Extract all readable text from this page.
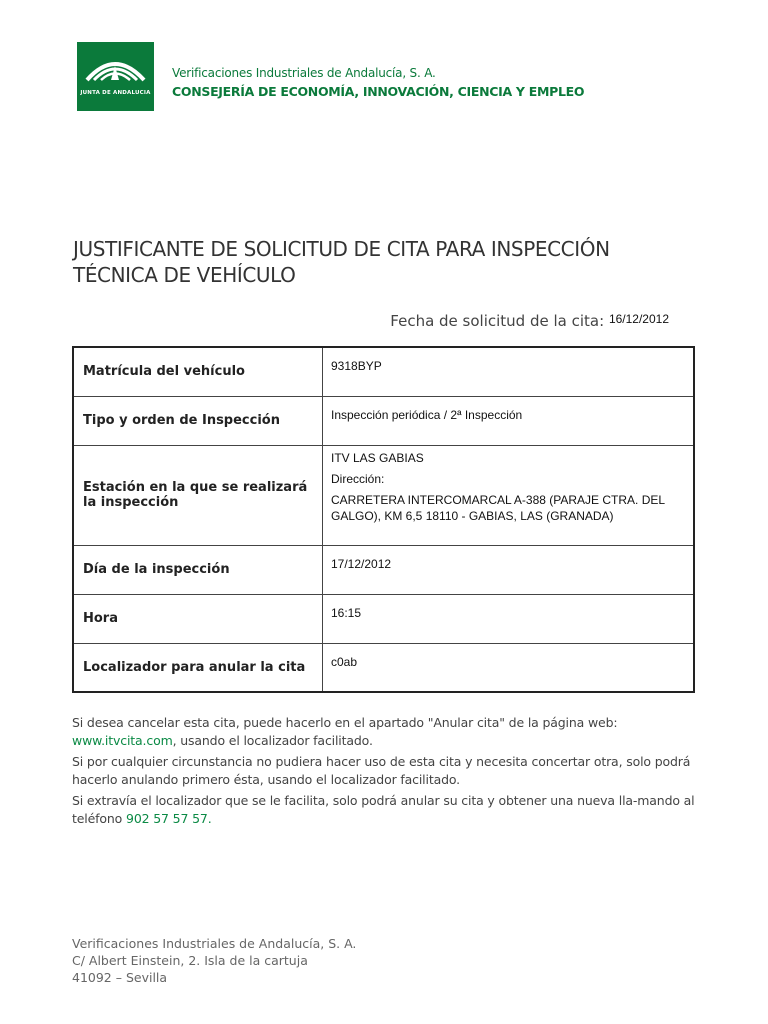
JUNTA DE ANDALUCIA
Verificaciones Industriales de Andalucía, S. A.
CONSEJERÍA DE ECONOMÍA, INNOVACIÓN, CIENCIA Y EMPLEO
JUSTIFICANTE DE SOLICITUD DE CITA PARA INSPECCIÓN
TÉCNICA DE VEHÍCULO
Fecha de solicitud de la cita: $^{16/12/2012}$
Matrícula del vehículo	9318BYP
Tipo y orden de Inspección	Inspección periódica / 2ª Inspección
Estación en la que se realizará la inspección	ITV LAS GABIAS
Dirección:
CARRETERA INTERCOMARCAL A-388 (PARAJE CTRA. DEL GALGO), KM 6,5 18110 - GABIAS, LAS (GRANADA)

Día de la inspección	17/12/2012
Hora	16:15
Localizador para anular la cita	c0ab

Si desea cancelar esta cita, puede hacerlo en el apartado "Anular cita" de la página web: www.itvcita.com, usando el localizador facilitado.

Si por cualquier circunstancia no pudiera hacer uso de esta cita y necesita concertar otra, solo podrá hacerlo anulando primero ésta, usando el localizador facilitado.

Si extravía el localizador que se le facilita, solo podrá anular su cita y obtener una nueva lla-mando al teléfono 902 57 57 57.

Verificaciones Industriales de Andalucía, S. A.
C/ Albert Einstein, 2. Isla de la cartuja
41092 – Sevilla
